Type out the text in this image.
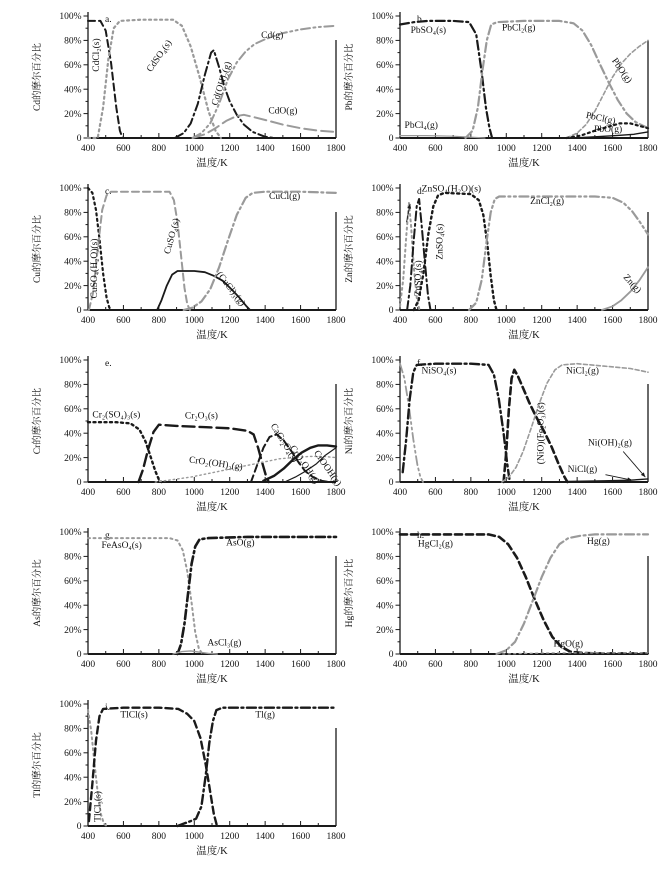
400 600 800 1000 1200 1400 1600 1800
0
20%
40%
60%
80%
100%
温度/K
Cd的摩尔百分比
a.
CdCl₂(s)	CdSO₄(s)
Cd(OH)₂(g)
Cd(g)
CdO(g)
400 600 800 1000 1200 1400 1600 1800
0
20%
40%
60%
80%
100%
温度/K
Pb的摩尔百分比
b.
PbSO₄(s)	PbCl₂(g)
PbO(g)
PbCl(g)
PbO(g)
PbCl₄(g)
400 600 800 1000 1200 1400 1600 1800
0
20%
40%
60%
80%
100%
温度/K
Cu的摩尔百分比
c.
CuSO₄(H₂O)(s)
CuSO₄(s)
(CuCl)₃(g)
CuCl(g)
400 600 800 1000 1200 1400 1600 1800
0
20%
40%
60%
80%
100%
温度/K
Zn的摩尔百分比
d.
ZnSO₄(H₂O)(s)
ZnSO₄(s)
ZnSO₄(s)
ZnCl₂(g)
Zn(g)
400 600 800 1000 1200 1400 1600 1800
0
20%
40%
60%
80%
100%
温度/K
Cr的摩尔百分比
e.
Cr₂(SO₄)₃(s)	Cr₂O₃(s)
CaCr₂O₄(s)
CrO₂(OH)₂(g)	CrO₂OH(g)
CrOOH(g)
400 600 800 1000 1200 1400 1600 1800
0
20%
40%
60%
80%
100%
温度/K
Ni的摩尔百分比
f.
NiSO₄(s)	NiCl₂(g)
(NiO)(Fe₂O₃)(s)
NiCl(g)
Ni(OH)₂(g)
400 600 800 1000 1200 1400 1600 1800
0
20%
40%
60%
80%
100%
温度/K
As的摩尔百分比
g.
FeAsO₄(s)	AsO(g)
AsCl₃(g)
400 600 800 1000 1200 1400 1600 1800
0
20%
40%
60%
80%
100%
温度/K
Hg的摩尔百分比
h.
HgCl₂(g)	Hg(g)
HgO(g)
400 600 800 1000 1200 1400 1600 1800
0
20%
40%
60%
80%
100%
温度/K
Tl的摩尔百分比
i.
TlCl(s)
TlCl₃(s)
Tl(g)
